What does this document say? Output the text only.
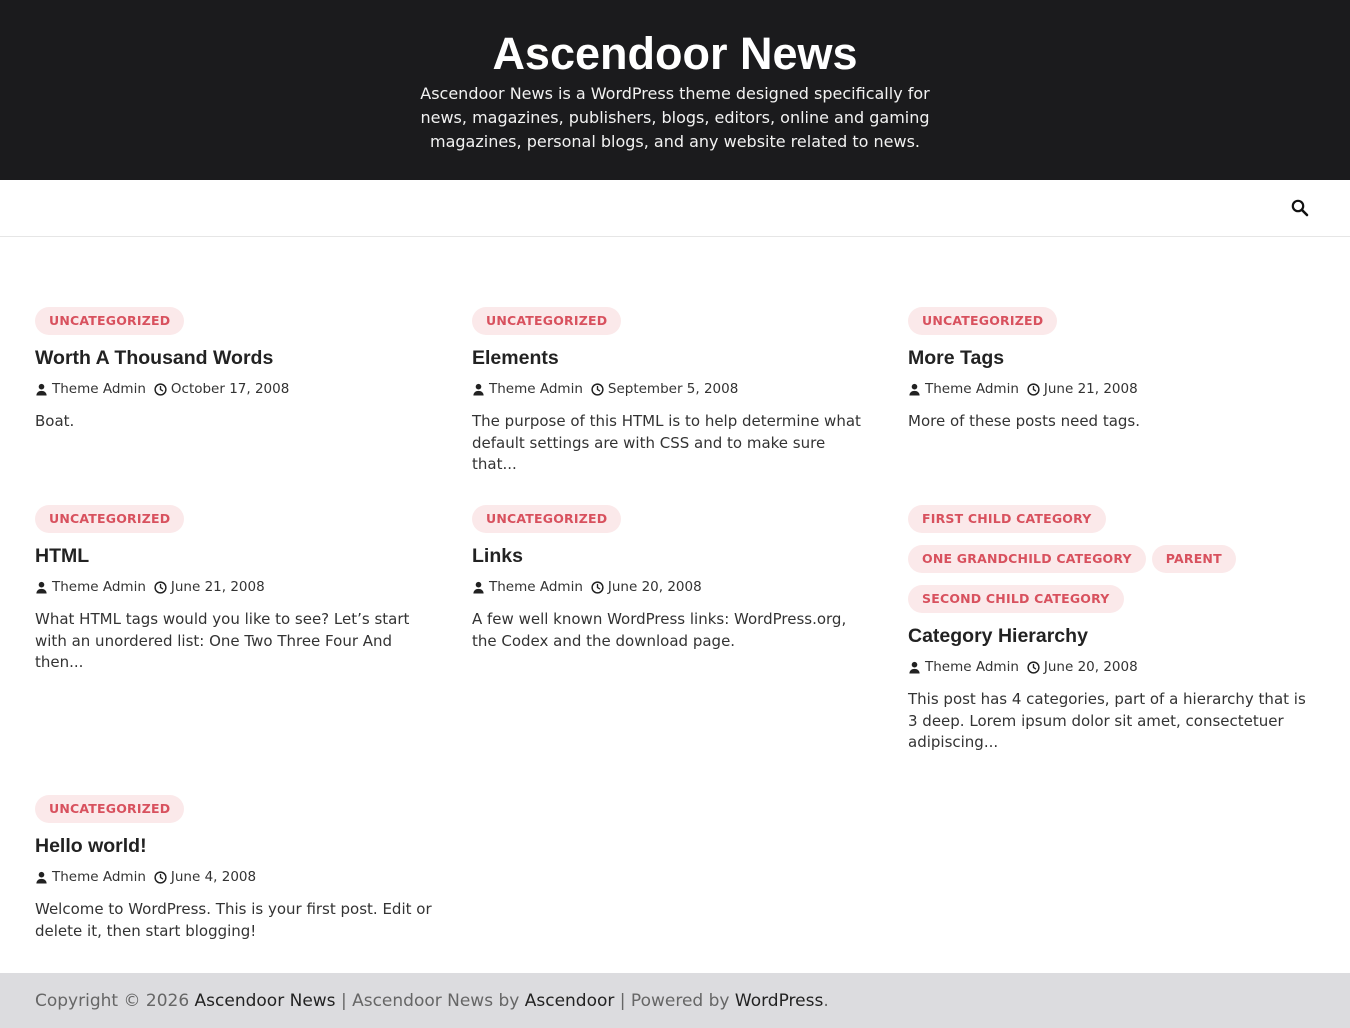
Ascendoor News
Ascendoor News is a WordPress theme designed specifically for news, magazines, publishers, blogs, editors, online and gaming magazines, personal blogs, and any website related to news.
UNCATEGORIZED
Worth A Thousand Words
Theme Admin October 17, 2008

Boat.

UNCATEGORIZED
Elements
Theme Admin September 5, 2008

The purpose of this HTML is to help determine what default settings are with CSS and to make sure that...

UNCATEGORIZED
More Tags
Theme Admin June 21, 2008

More of these posts need tags.

UNCATEGORIZED
HTML
Theme Admin June 21, 2008

What HTML tags would you like to see? Let’s start with an unordered list: One Two Three Four And then...

UNCATEGORIZED
Links
Theme Admin June 20, 2008

A few well known WordPress links: WordPress.org, the Codex and the download page.

FIRST CHILD CATEGORY
ONE GRANDCHILD CATEGORY	PARENT
SECOND CHILD CATEGORY
Category Hierarchy
Theme Admin June 20, 2008

This post has 4 categories, part of a hierarchy that is 3 deep. Lorem ipsum dolor sit amet, consectetuer adipiscing...

UNCATEGORIZED
Hello world!
Theme Admin June 4, 2008

Welcome to WordPress. This is your first post. Edit or delete it, then start blogging!

Copyright © 2026 Ascendoor News | Ascendoor News by Ascendoor | Powered by WordPress .
